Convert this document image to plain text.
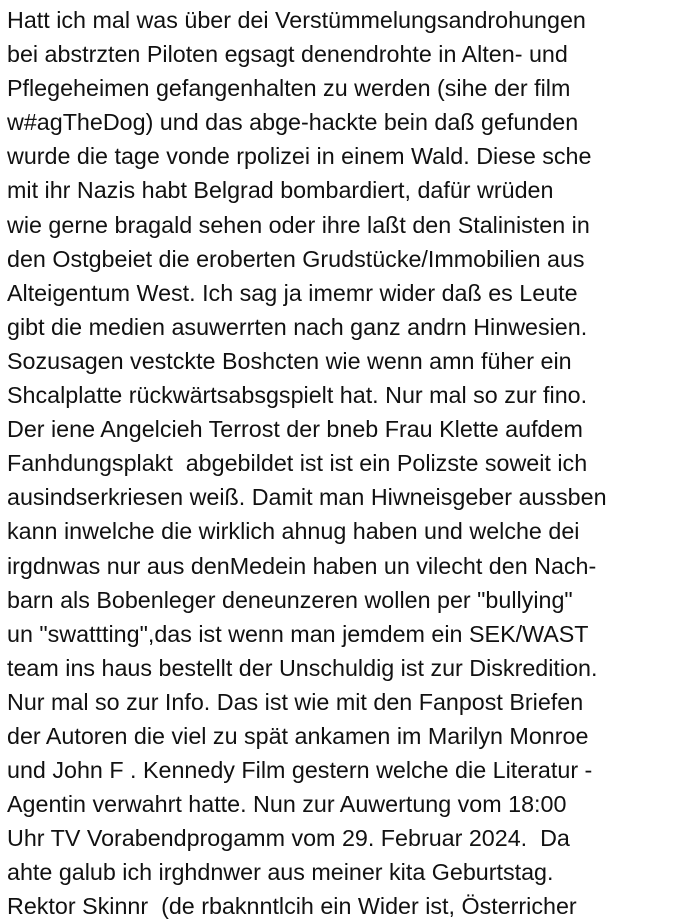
Hatt ich mal was über dei Verstümmelungsandrohungen
bei abstrzten Piloten egsagt denendrohte in Alten- und
Pflegeheimen gefangenhalten zu werden (sihe der film
w#agTheDog) und das abge-hackte bein daß gefunden
wurde die tage vonde rpolizei in einem Wald. Diese sche
mit ihr Nazis habt Belgrad bombardiert, dafür wrüden
wie gerne bragald sehen oder ihre laßt den Stalinisten in
den Ostgbeiet die eroberten Grudstücke/Immobilien aus
Alteigentum West. Ich sag ja imemr wider daß es Leute
gibt die medien asuwerrten nach ganz andrn Hinwesien.
Sozusagen vestckte Boshcten wie wenn amn füher ein
Shcalplatte rückwärtsabsgspielt hat. Nur mal so zur fino.
Der iene Angelcieh Terrost der bneb Frau Klette aufdem
Fanhdungsplakt  abgebildet ist ist ein Polizste soweit ich
ausindserkriesen weiß. Damit man Hiwneisgeber aussben
kann inwelche die wirklich ahnug haben und welche dei
irgdnwas nur aus denMedein haben un vilecht den Nach-
barn als Bobenleger deneunzeren wollen per "bullying"
un "swattting",das ist wenn man jemdem ein SEK/WAST
team ins haus bestellt der Unschuldig ist zur Diskredition.
Nur mal so zur Info. Das ist wie mit den Fanpost Briefen
der Autoren die viel zu spät ankamen im Marilyn Monroe
und John F . Kennedy Film gestern welche die Literatur -
Agentin verwahrt hatte. Nun zur Auwertung vom 18:00
Uhr TV Vorabendprogamm vom 29. Februar 2024.  Da
ahte galub ich irghdnwer aus meiner kita Geburtstag.
Rektor Skinnr  (de rbaknntlcih ein Wider ist, Österricher
